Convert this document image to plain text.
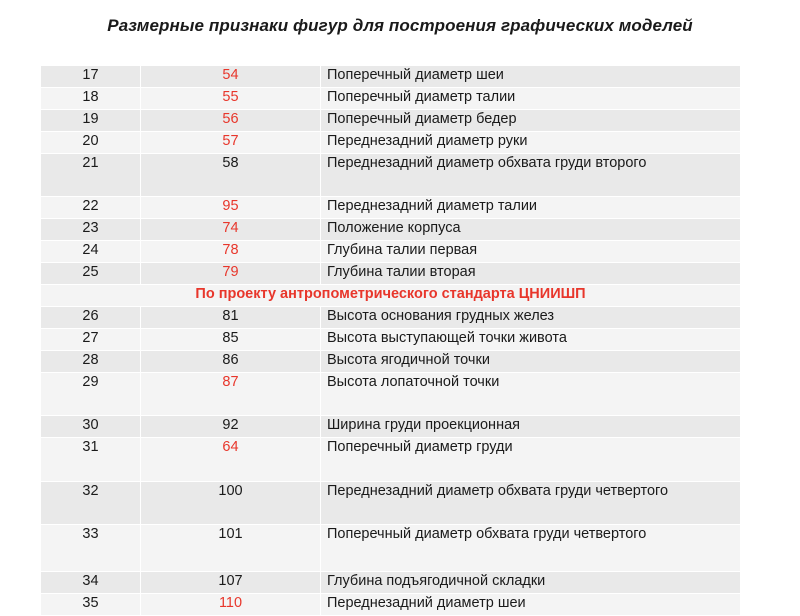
Размерные признаки фигур для построения графических моделей
17	54	Поперечный диаметр шеи
18	55	Поперечный диаметр талии
19	56	Поперечный диаметр бедер
20	57	Переднезадний диаметр руки
21	58	Переднезадний диаметр обхвата груди второго
22	95	Переднезадний диаметр талии
23	74	Положение корпуса
24	78	Глубина талии первая
25	79	Глубина талии вторая
По проекту антропометрического стандарта ЦНИИШП		
26	81	Высота основания грудных желез
27	85	Высота выступающей точки живота
28	86	Высота ягодичной точки
29	87	Высота лопаточной точки
30	92	Ширина груди проекционная
31	64	Поперечный диаметр груди
32	100	Переднезадний диаметр обхвата груди четвертого
33	101	Поперечный диаметр обхвата груди четвертого
34	107	Глубина подъягодичной складки
35	110	Переднезадний диаметр шеи
